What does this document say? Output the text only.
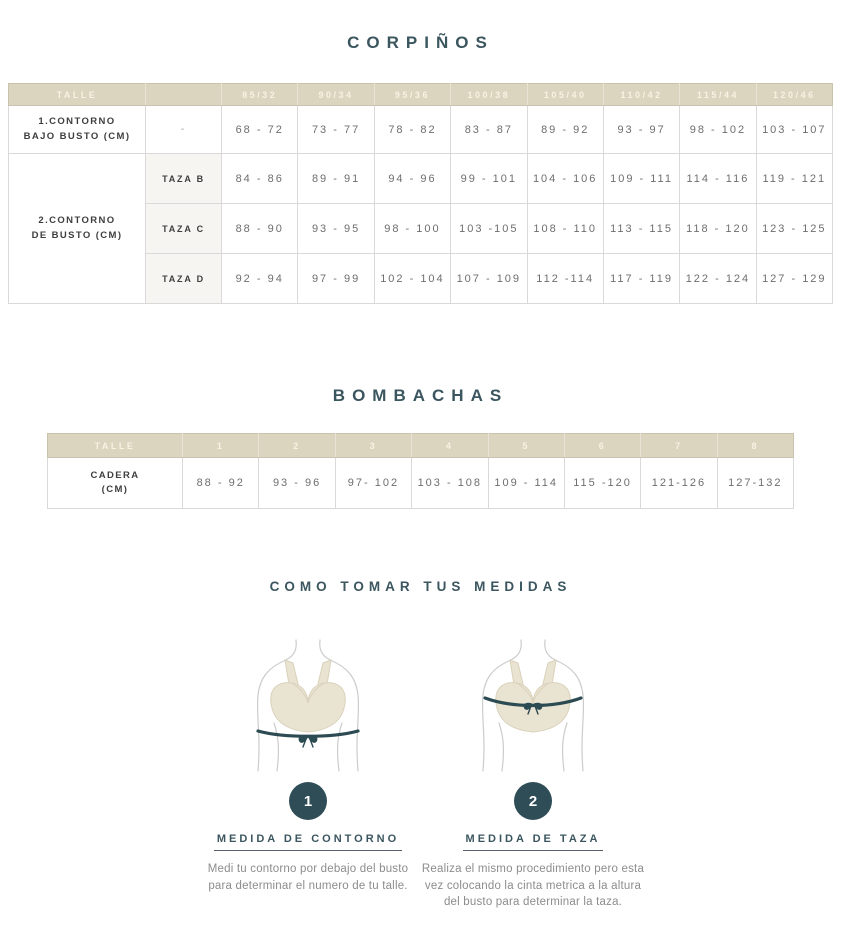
CORPIÑOS
TALLE		85/32	90/34	95/36	100/38	105/40	110/42	115/44	120/46

1.CONTORNO
BAJO BUSTO (CM)	-	68 - 72	73 - 77	78 - 82	83 - 87	89 - 92	93 - 97	98 - 102	103 - 107

2.CONTORNO
DE BUSTO (CM)	TAZA B	84 - 86	89 - 91	94 - 96	99 - 101	104 - 106	109 - 111	114 - 116	119 - 121
	TAZA C	88 - 90	93 - 95	98 - 100	103 -105	108 - 110	113 - 115	118 - 120	123 - 125
	TAZA D	92 - 94	97 - 99	102 - 104	107 - 109	112 -114	117 - 119	122 - 124	127 - 129
BOMBACHAS
TALLE	1	2	3	4	5	6	7	8

CADERA
(CM)	88 - 92	93 - 96	97- 102	103 - 108	109 - 114	115 -120	121-126	127-132
COMO TOMAR TUS MEDIDAS
1
MEDIDA DE CONTORNO

Medi tu contorno por debajo del busto para determinar el numero de tu talle.

2
MEDIDA DE TAZA

Realiza el mismo procedimiento pero esta vez colocando la cinta metrica a la altura del busto para determinar la taza.
